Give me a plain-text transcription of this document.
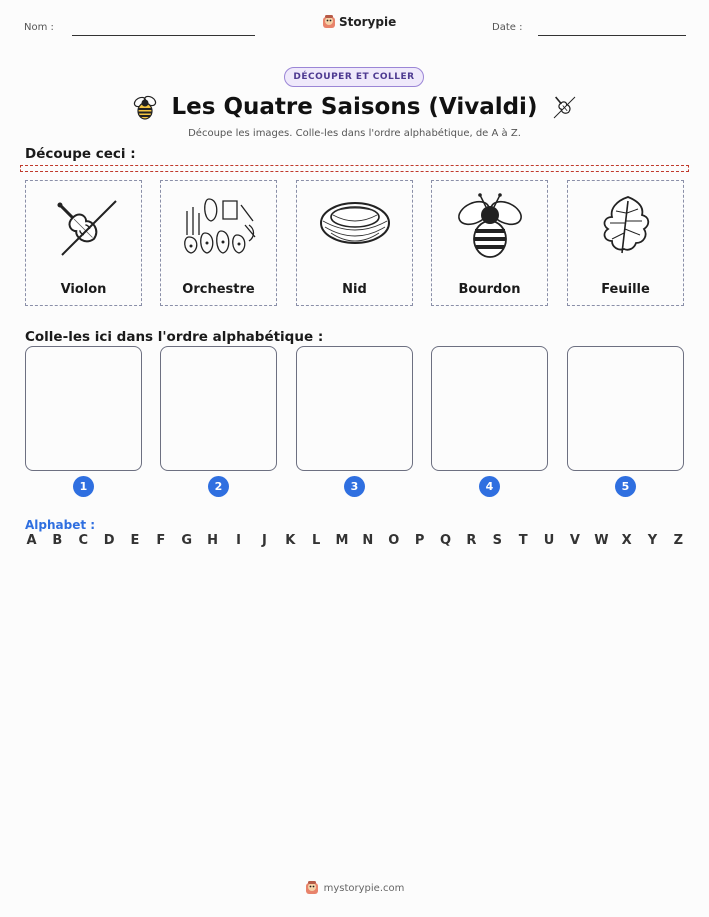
Nom :	Storypie	Date :
DÉCOUPER ET COLLER
Les Quatre Saisons (Vivaldi)
Découpe les images. Colle-les dans l'ordre alphabétique, de A à Z.
Découpe ceci :
Violon	Orchestre	Nid	Bourdon	Feuille
Colle-les ici dans l'ordre alphabétique :
1	2	3	4	5
Alphabet :
A B C D E F G H	I	J	K L M N O P Q R S T U V W X Y Z
mystorypie.com
